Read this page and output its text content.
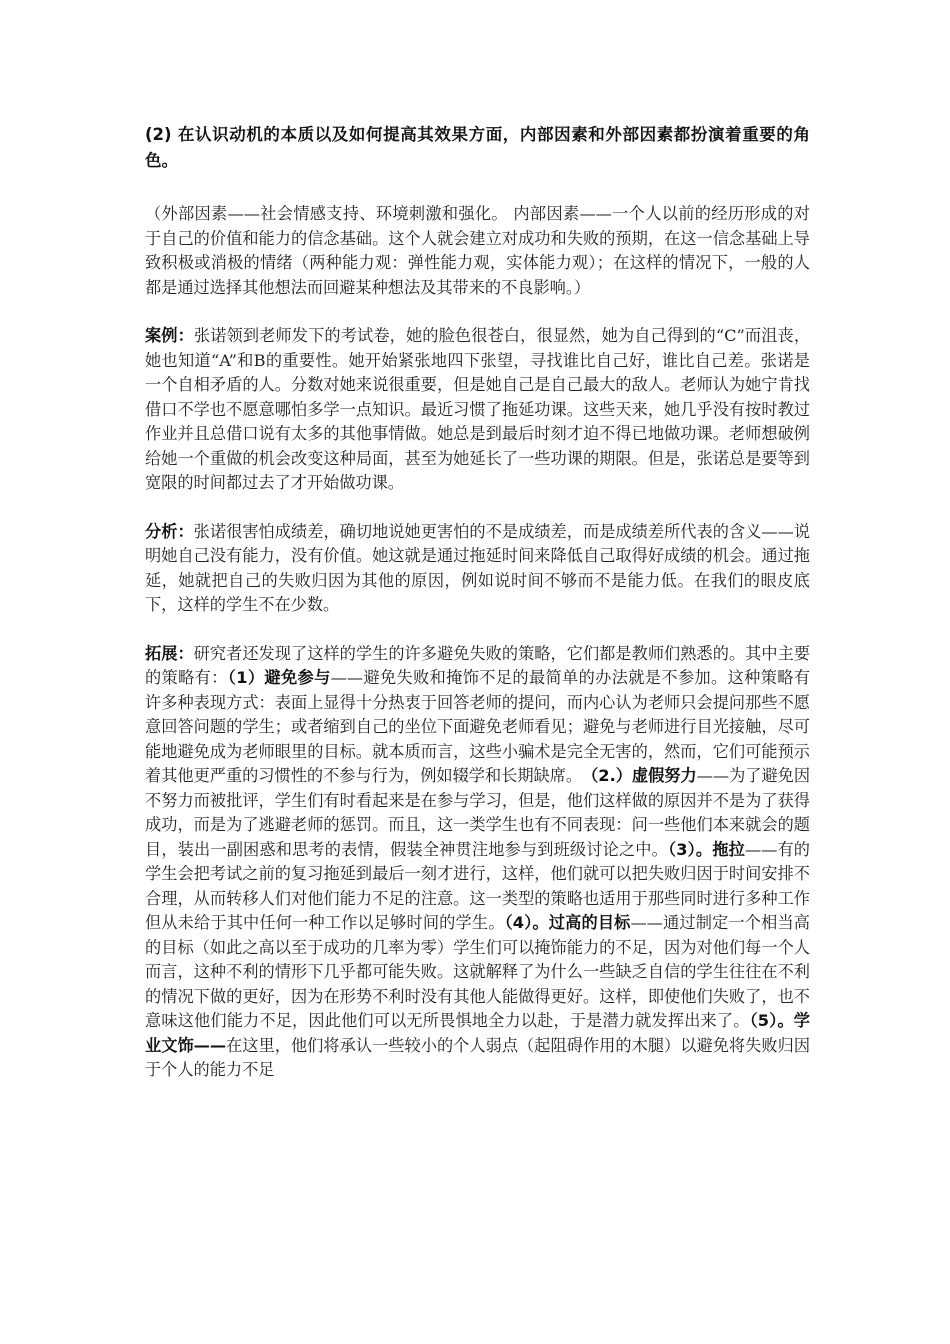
(2) 在认识动机的本质以及如何提高其效果方面，内部因素和外部因素都扮演着重要的角色。

（外部因素——社会情感支持、环境刺激和强化。 内部因素——一个人以前的经历形成的对于自己的价值和能力的信念基础。这个人就会建立对成功和失败的预期，在这一信念基础上导致积极或消极的情绪（两种能力观：弹性能力观，实体能力观）；在这样的情况下，一般的人都是通过选择其他想法而回避某种想法及其带来的不良影响。）

案例：张诺领到老师发下的考试卷，她的脸色很苍白，很显然，她为自己得到的“C”而沮丧，她也知道“A”和B的重要性。她开始紧张地四下张望，寻找谁比自己好，谁比自己差。张诺是一个自相矛盾的人。分数对她来说很重要，但是她自己是自己最大的敌人。老师认为她宁肯找借口不学也不愿意哪怕多学一点知识。最近习惯了拖延功课。这些天来，她几乎没有按时教过作业并且总借口说有太多的其他事情做。她总是到最后时刻才迫不得已地做功课。老师想破例给她一个重做的机会改变这种局面，甚至为她延长了一些功课的期限。但是，张诺总是要等到宽限的时间都过去了才开始做功课。

分析：张诺很害怕成绩差，确切地说她更害怕的不是成绩差，而是成绩差所代表的含义——说明她自己没有能力，没有价值。她这就是通过拖延时间来降低自己取得好成绩的机会。通过拖延，她就把自己的失败归因为其他的原因，例如说时间不够而不是能力低。在我们的眼皮底下，这样的学生不在少数。

拓展：研究者还发现了这样的学生的许多避免失败的策略，它们都是教师们熟悉的。其中主要的策略有：（1）避免参与——避免失败和掩饰不足的最简单的办法就是不参加。这种策略有许多种表现方式：表面上显得十分热衷于回答老师的提问，而内心认为老师只会提问那些不愿意回答问题的学生；或者缩到自己的坐位下面避免老师看见；避免与老师进行目光接触，尽可能地避免成为老师眼里的目标。就本质而言，这些小骗术是完全无害的，然而，它们可能预示着其他更严重的习惯性的不参与行为，例如辍学和长期缺席。　（2.）虚假努力——为了避免因不努力而被批评，学生们有时看起来是在参与学习，但是，他们这样做的原因并不是为了获得成功，而是为了逃避老师的惩罚。而且，这一类学生也有不同表现：问一些他们本来就会的题目，装出一副困惑和思考的表情，假装全神贯注地参与到班级讨论之中。（3）。拖拉——有的学生会把考试之前的复习拖延到最后一刻才进行，这样，他们就可以把失败归因于时间安排不合理，从而转移人们对他们能力不足的注意。这一类型的策略也适用于那些同时进行多种工作但从未给于其中任何一种工作以足够时间的学生。（4）。过高的目标——通过制定一个相当高的目标（如此之高以至于成功的几率为零）学生们可以掩饰能力的不足，因为对他们每一个人而言，这种不利的情形下几乎都可能失败。这就解释了为什么一些缺乏自信的学生往往在不利的情况下做的更好，因为在形势不利时没有其他人能做得更好。这样，即使他们失败了，也不意味这他们能力不足，因此他们可以无所畏惧地全力以赴，于是潜力就发挥出来了。（5）。学业文饰——在这里，他们将承认一些较小的个人弱点（起阻碍作用的木腿）以避免将失败归因于个人的能力不足
